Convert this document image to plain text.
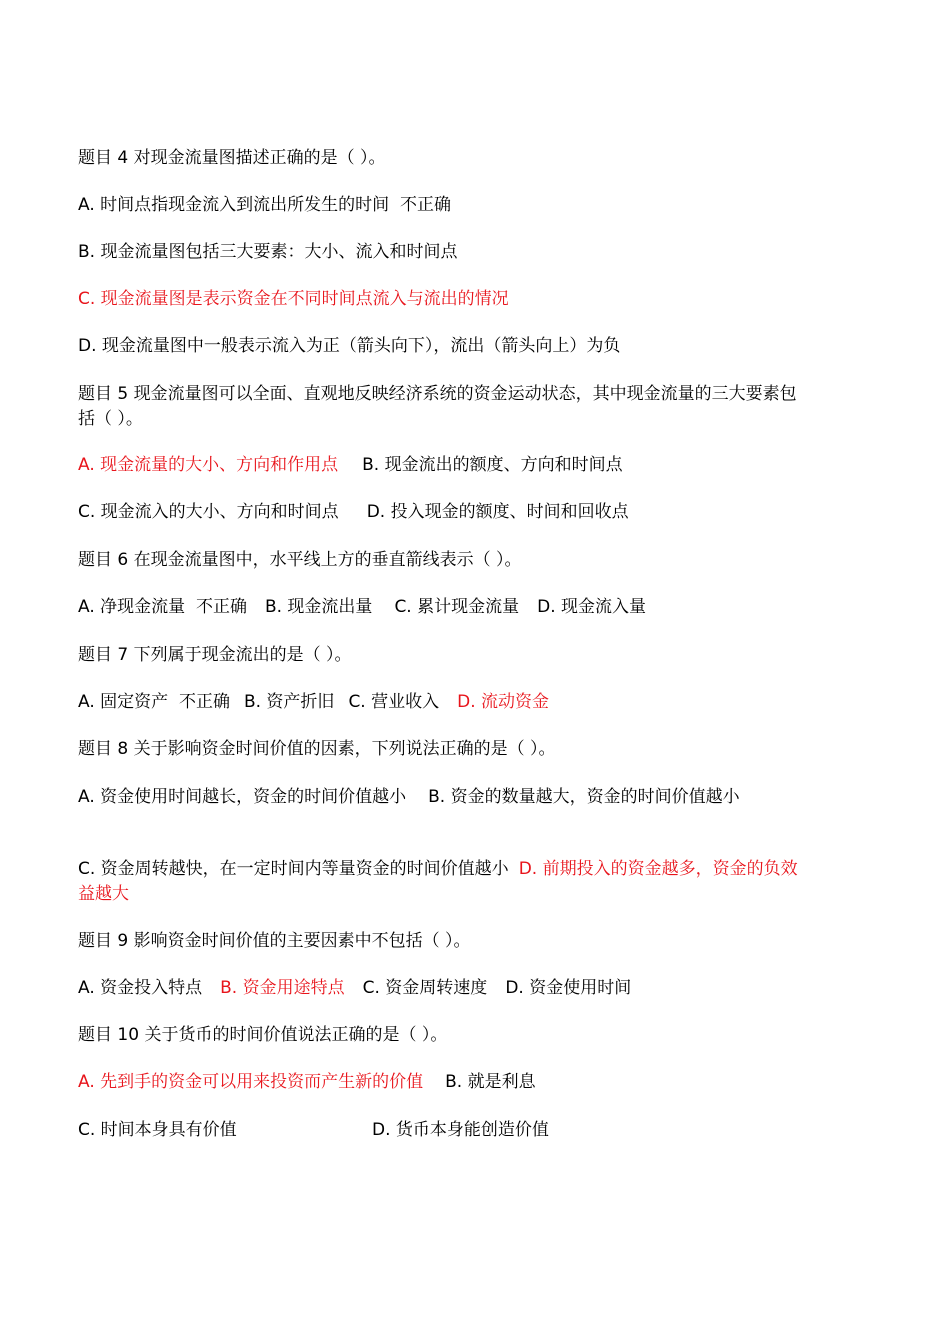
题目 4 对现金流量图描述正确的是（ ）。
A. 时间点指现金流入到流出所发生的时间 不正确
B. 现金流量图包括三大要素：大小、流入和时间点
C. 现金流量图是表示资金在不同时间点流入与流出的情况
D. 现金流量图中一般表示流入为正（箭头向下），流出（箭头向上）为负
题目 5 现金流量图可以全面、直观地反映经济系统的资金运动状态，其中现金流量的三大要素包括（ ）。
A. 现金流量的大小、方向和作用点 B. 现金流出的额度、方向和时间点
C. 现金流入的大小、方向和时间点 D. 投入现金的额度、时间和回收点
题目 6 在现金流量图中，水平线上方的垂直箭线表示（ ）。
A. 净现金流量 不正确 B. 现金流出量 C. 累计现金流量 D. 现金流入量
题目 7 下列属于现金流出的是（ ）。
A. 固定资产 不正确 B. 资产折旧 C. 营业收入 D. 流动资金
题目 8 关于影响资金时间价值的因素，下列说法正确的是（ ）。
A. 资金使用时间越长，资金的时间价值越小 B. 资金的数量越大，资金的时间价值越小
C. 资金周转越快，在一定时间内等量资金的时间价值越小 D. 前期投入的资金越多，资金的负效益越大
题目 9 影响资金时间价值的主要因素中不包括（ ）。
A. 资金投入特点 B. 资金用途特点 C. 资金周转速度 D. 资金使用时间
题目 10 关于货币的时间价值说法正确的是（ ）。
A. 先到手的资金可以用来投资而产生新的价值 B. 就是利息
C. 时间本身具有价值	D. 货币本身能创造价值
